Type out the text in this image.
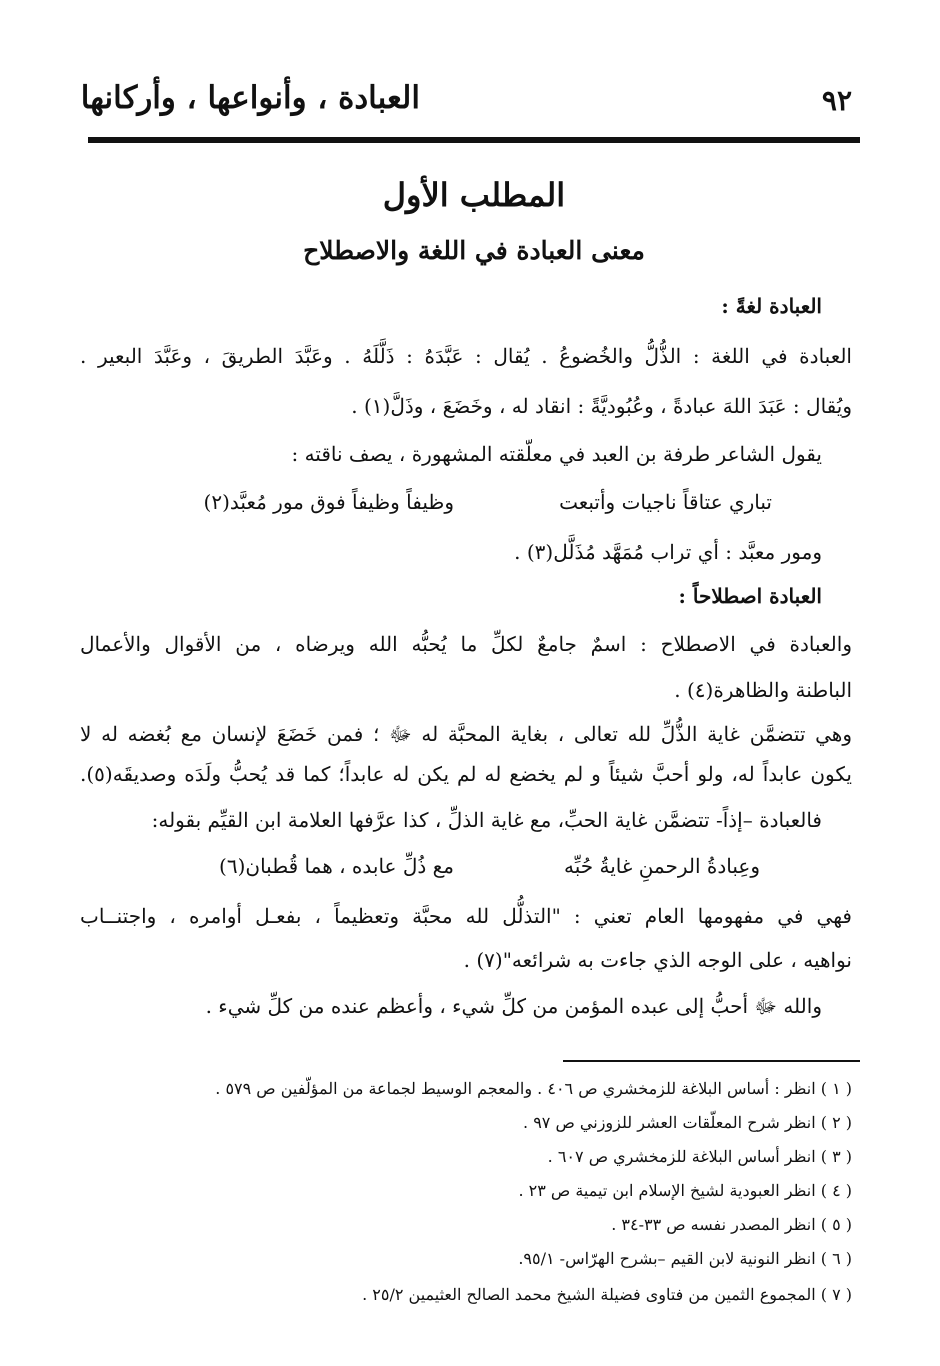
العبادة ، وأنواعها ، وأركانها	٩٢
المطلب الأول
معنى العبادة في اللغة والاصطلاح
العبادة لغةً :
العبادة في اللغة : الذُّلُّ والخُضوعُ . يُقال : عَبَّدَهُ : ذَلَّلَهُ . وعَبَّدَ الطريقَ ، وعَبَّدَ البعير .
ويُقال : عَبَدَ اللهَ عبادةً ، وعُبُوديَّةً : انقاد له ، وخَضَعَ ، وذَلَّ(١) .
يقول الشاعر طرفة بن العبد في معلّقته المشهورة ، يصف ناقته :
تباري عتاقاً ناجيات وأتبعت
وظيفاً وظيفاً فوق مور مُعبَّد(٢)
ومور معبَّد : أي تراب مُمَهَّد مُذَلَّل(٣) .
العبادة اصطلاحاً :
والعبادة في الاصطلاح : اسمٌ جامعٌ لكلِّ ما يُحبُّه الله ويرضاه ، من الأقوال والأعمال
الباطنة والظاهرة(٤) .
وهي تتضمَّن غاية الذُّلِّ لله تعالى ، بغاية المحبَّة له ﷻ ؛ فمن خَضَعَ لإنسان مع بُغضه له لا
يكون عابداً له، ولو أحبَّ شيئاً و لم يخضع له لم يكن له عابداً؛ كما قد يُحبُّ ولَدَه وصديقَه(٥).
فالعبادة –إذاً- تتضمَّن غاية الحبِّ، مع غاية الذلِّ ، كذا عرَّفها العلامة ابن القيِّم بقوله:
وعِبادةُ الرحمنِ غايةُ حُبِّه
مع ذُلِّ عابده ، هما قُطبان(٦)
فهي في مفهومها العام تعني : "التذلُّل لله محبَّة وتعظيماً ، بفعـل أوامره ، واجتنــاب
نواهيه ، على الوجه الذي جاءت به شرائعه"(٧) .
والله ﷻ أحبُّ إلى عبده المؤمن من كلِّ شيء ، وأعظم عنده من كلِّ شيء .
( ١ ) انظر : أساس البلاغة للزمخشري ص ٤٠٦ . والمعجم الوسيط لجماعة من المؤلّفين ص ٥٧٩ .
( ٢ ) انظر شرح المعلّقات العشر للزوزني ص ٩٧ .
( ٣ ) انظر أساس البلاغة للزمخشري ص ٦٠٧ .
( ٤ ) انظر العبودية لشيخ الإسلام ابن تيمية ص ٢٣ .
( ٥ ) انظر المصدر نفسه ص ٣٣-٣٤ .
( ٦ ) انظر النونية لابن القيم –بشرح الهرّاس- ٩٥/١.
( ٧ ) المجموع الثمين من فتاوى فضيلة الشيخ محمد الصالح العثيمين ٢٥/٢ .
